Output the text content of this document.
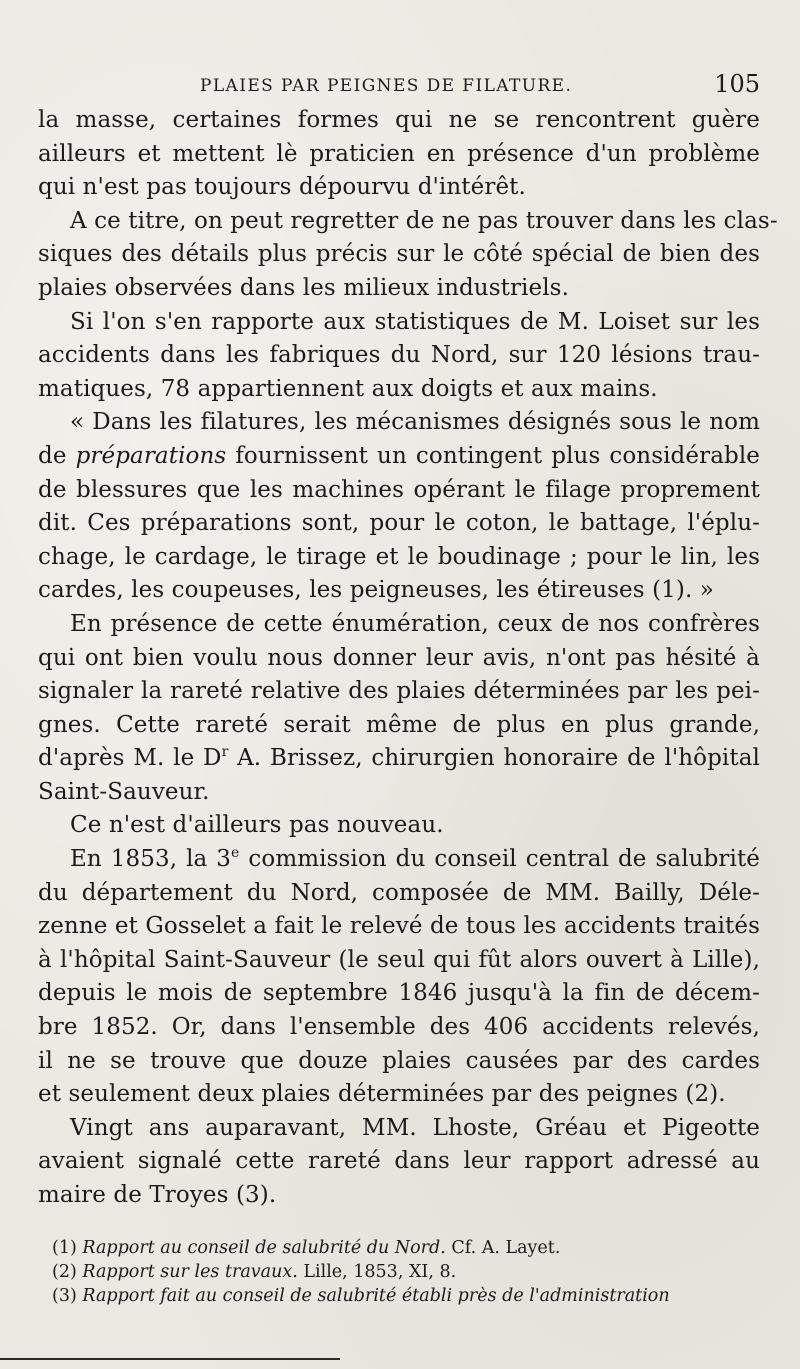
PLAIES PAR PEIGNES DE FILATURE.	105
la masse, certaines formes qui ne se rencontrent guère
ailleurs et mettent lè praticien en présence d'un problème
qui n'est pas toujours dépourvu d'intérêt.
A ce titre, on peut regretter de ne pas trouver dans les clas-
siques des détails plus précis sur le côté spécial de bien des
plaies observées dans les milieux industriels.
Si l'on s'en rapporte aux statistiques de M. Loiset sur les
accidents dans les fabriques du Nord, sur 120 lésions trau-
matiques, 78 appartiennent aux doigts et aux mains.
« Dans les filatures, les mécanismes désignés sous le nom
de préparations fournissent un contingent plus considérable
de blessures que les machines opérant le filage proprement
dit. Ces préparations sont, pour le coton, le battage, l'éplu-
chage, le cardage, le tirage et le boudinage ; pour le lin, les
cardes, les coupeuses, les peigneuses, les étireuses (1). »
En présence de cette énumération, ceux de nos confrères
qui ont bien voulu nous donner leur avis, n'ont pas hésité à
signaler la rareté relative des plaies déterminées par les pei-
gnes. Cette rareté serait même de plus en plus grande,
d'après M. le $D^r$ A. Brissez, chirurgien honoraire de l'hôpital
Saint-Sauveur.
Ce n'est d'ailleurs pas nouveau.
En 1853, la 3e commission du conseil central de salubrité
du département du Nord, composée de MM. Bailly, Déle-
zenne et Gosselet a fait le relevé de tous les accidents traités
à l'hôpital Saint-Sauveur (le seul qui fût alors ouvert à Lille),
depuis le mois de septembre 1846 jusqu'à la fin de décem-
bre 1852. Or, dans l'ensemble des 406 accidents relevés,
il ne se trouve que douze plaies causées par des cardes
et seulement deux plaies déterminées par des peignes (2).
Vingt ans auparavant, MM. Lhoste, Gréau et Pigeotte
avaient signalé cette rareté dans leur rapport adressé au
maire de Troyes (3).
(1) Rapport au conseil de salubrité du Nord. Cf. A. Layet.
(2) Rapport sur les travaux. Lille, 1853, XI, 8.
(3) Rapport fait au conseil de salubrité établi près de l'administration
